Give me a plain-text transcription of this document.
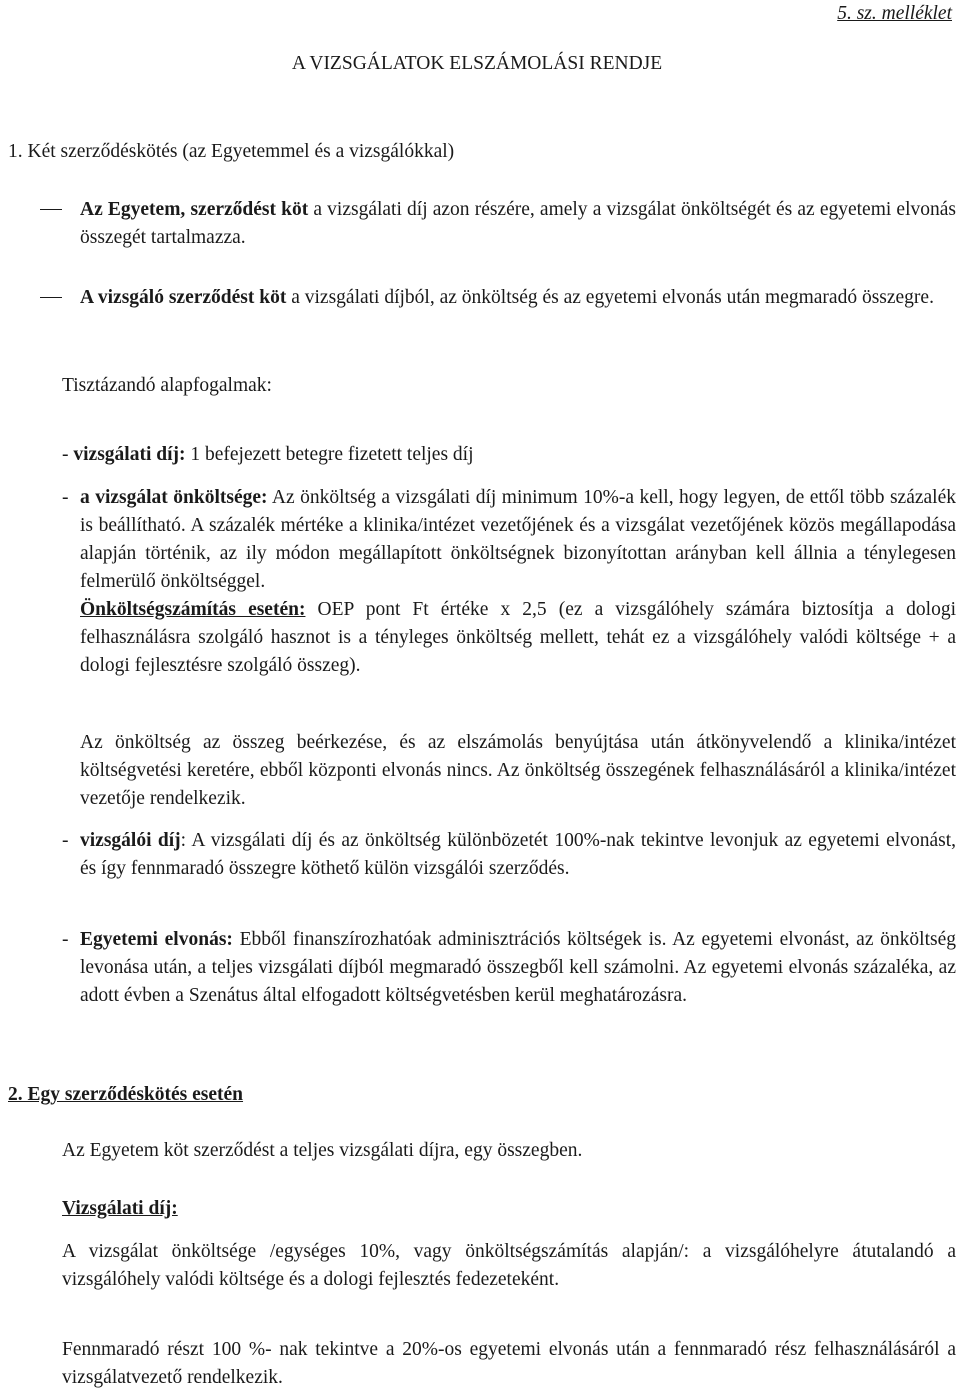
5. sz. melléklet
A VIZSGÁLATOK ELSZÁMOLÁSI RENDJE
1. Két szerződéskötés (az Egyetemmel és a vizsgálókkal)
Az Egyetem, szerződést köt a vizsgálati díj azon részére, amely a vizsgálat önköltségét és az egyetemi elvonás összegét tartalmazza.
A vizsgáló szerződést köt a vizsgálati díjból, az önköltség és az egyetemi elvonás után megmaradó összegre.
Tisztázandó alapfogalmak:
- vizsgálati díj: 1 befejezett betegre fizetett teljes díj
- a vizsgálat önköltsége: Az önköltség a vizsgálati díj minimum 10%-a kell, hogy legyen, de ettől több százalék is beállítható. A százalék mértéke a klinika/intézet vezetőjének és a vizsgálat vezetőjének közös megállapodása alapján történik, az ily módon megállapított önköltségnek bizonyítottan arányban kell állnia a ténylegesen felmerülő önköltséggel.
Önköltségszámítás esetén: OEP pont Ft értéke x 2,5 (ez a vizsgálóhely számára biztosítja a dologi felhasználásra szolgáló hasznot is a tényleges önköltség mellett, tehát ez a vizsgálóhely valódi költsége + a dologi fejlesztésre szolgáló összeg).
Az önköltség az összeg beérkezése, és az elszámolás benyújtása után átkönyvelendő a klinika/intézet költségvetési keretére, ebből központi elvonás nincs. Az önköltség összegének felhasználásáról a klinika/intézet vezetője rendelkezik.
- vizsgálói díj: A vizsgálati díj és az önköltség különbözetét 100%-nak tekintve levonjuk az egyetemi elvonást, és így fennmaradó összegre köthető külön vizsgálói szerződés.
- Egyetemi elvonás: Ebből finanszírozhatóak adminisztrációs költségek is. Az egyetemi elvonást, az önköltség levonása után, a teljes vizsgálati díjból megmaradó összegből kell számolni. Az egyetemi elvonás százaléka, az adott évben a Szenátus által elfogadott költségvetésben kerül meghatározásra.
2. Egy szerződéskötés esetén
Az Egyetem köt szerződést a teljes vizsgálati díjra, egy összegben.
Vizsgálati díj:
A vizsgálat önköltsége /egységes 10%, vagy önköltségszámítás alapján/: a vizsgálóhelyre átutalandó a vizsgálóhely valódi költsége és a dologi fejlesztés fedezeteként.
Fennmaradó részt 100 %- nak tekintve a 20%-os egyetemi elvonás után a fennmaradó rész felhasználásáról a vizsgálatvezető rendelkezik.
